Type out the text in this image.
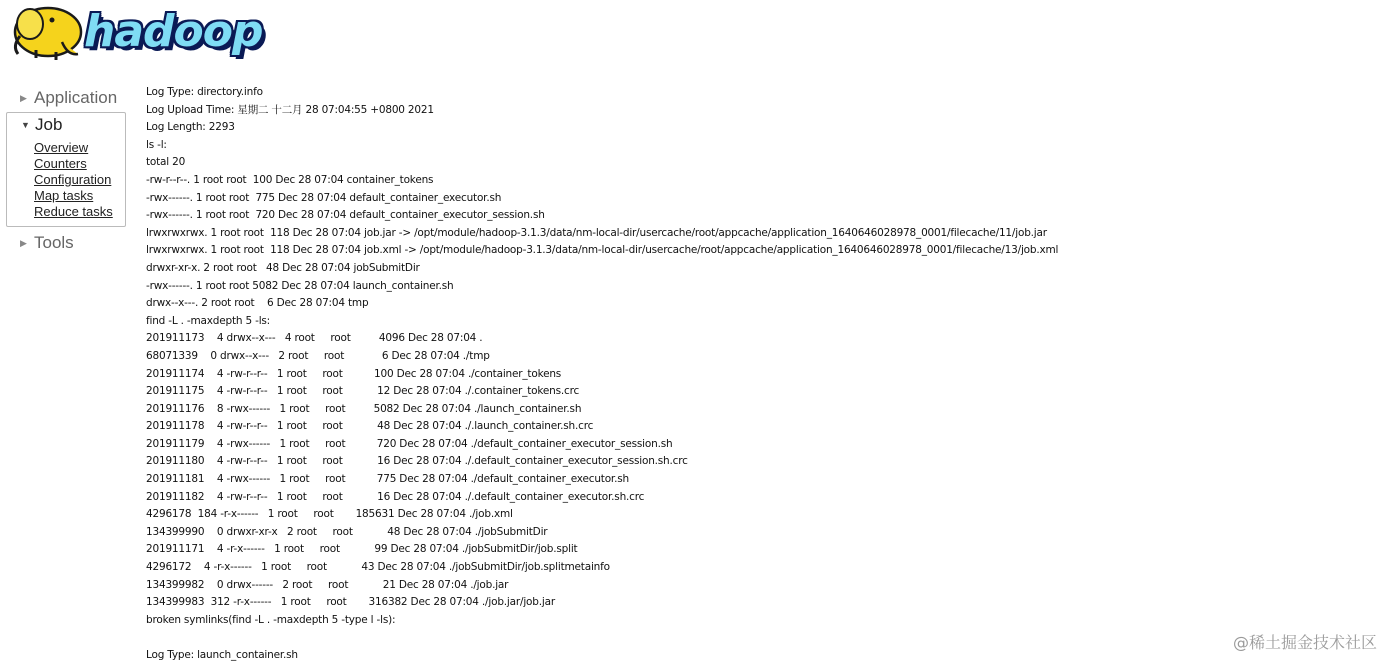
hadoop
▶ Application
▼ Job
Overview
Counters
Configuration
Map tasks
Reduce tasks
▶ Tools
Log Type: directory.info
Log Upload Time: 星期二 十二月 28 07:04:55 +0800 2021
Log Length: 2293
ls -l:
total 20
-rw-r--r--. 1 root root  100 Dec 28 07:04 container_tokens
-rwx------. 1 root root  775 Dec 28 07:04 default_container_executor.sh
-rwx------. 1 root root  720 Dec 28 07:04 default_container_executor_session.sh
lrwxrwxrwx. 1 root root  118 Dec 28 07:04 job.jar -> /opt/module/hadoop-3.1.3/data/nm-local-dir/usercache/root/appcache/application_1640646028978_0001/filecache/11/job.jar
lrwxrwxrwx. 1 root root  118 Dec 28 07:04 job.xml -> /opt/module/hadoop-3.1.3/data/nm-local-dir/usercache/root/appcache/application_1640646028978_0001/filecache/13/job.xml
drwxr-xr-x. 2 root root   48 Dec 28 07:04 jobSubmitDir
-rwx------. 1 root root 5082 Dec 28 07:04 launch_container.sh
drwx--x---. 2 root root    6 Dec 28 07:04 tmp
find -L . -maxdepth 5 -ls:
201911173    4 drwx--x---   4 root     root         4096 Dec 28 07:04 .
68071339    0 drwx--x---   2 root     root            6 Dec 28 07:04 ./tmp
201911174    4 -rw-r--r--   1 root     root          100 Dec 28 07:04 ./container_tokens
201911175    4 -rw-r--r--   1 root     root           12 Dec 28 07:04 ./.container_tokens.crc
201911176    8 -rwx------   1 root     root         5082 Dec 28 07:04 ./launch_container.sh
201911178    4 -rw-r--r--   1 root     root           48 Dec 28 07:04 ./.launch_container.sh.crc
201911179    4 -rwx------   1 root     root          720 Dec 28 07:04 ./default_container_executor_session.sh
201911180    4 -rw-r--r--   1 root     root           16 Dec 28 07:04 ./.default_container_executor_session.sh.crc
201911181    4 -rwx------   1 root     root          775 Dec 28 07:04 ./default_container_executor.sh
201911182    4 -rw-r--r--   1 root     root           16 Dec 28 07:04 ./.default_container_executor.sh.crc
4296178  184 -r-x------   1 root     root       185631 Dec 28 07:04 ./job.xml
134399990    0 drwxr-xr-x   2 root     root           48 Dec 28 07:04 ./jobSubmitDir
201911171    4 -r-x------   1 root     root           99 Dec 28 07:04 ./jobSubmitDir/job.split
4296172    4 -r-x------   1 root     root           43 Dec 28 07:04 ./jobSubmitDir/job.splitmetainfo
134399982    0 drwx------   2 root     root           21 Dec 28 07:04 ./job.jar
134399983  312 -r-x------   1 root     root       316382 Dec 28 07:04 ./job.jar/job.jar
broken symlinks(find -L . -maxdepth 5 -type l -ls):
Log Type: launch_container.sh
@稀土掘金技术社区
